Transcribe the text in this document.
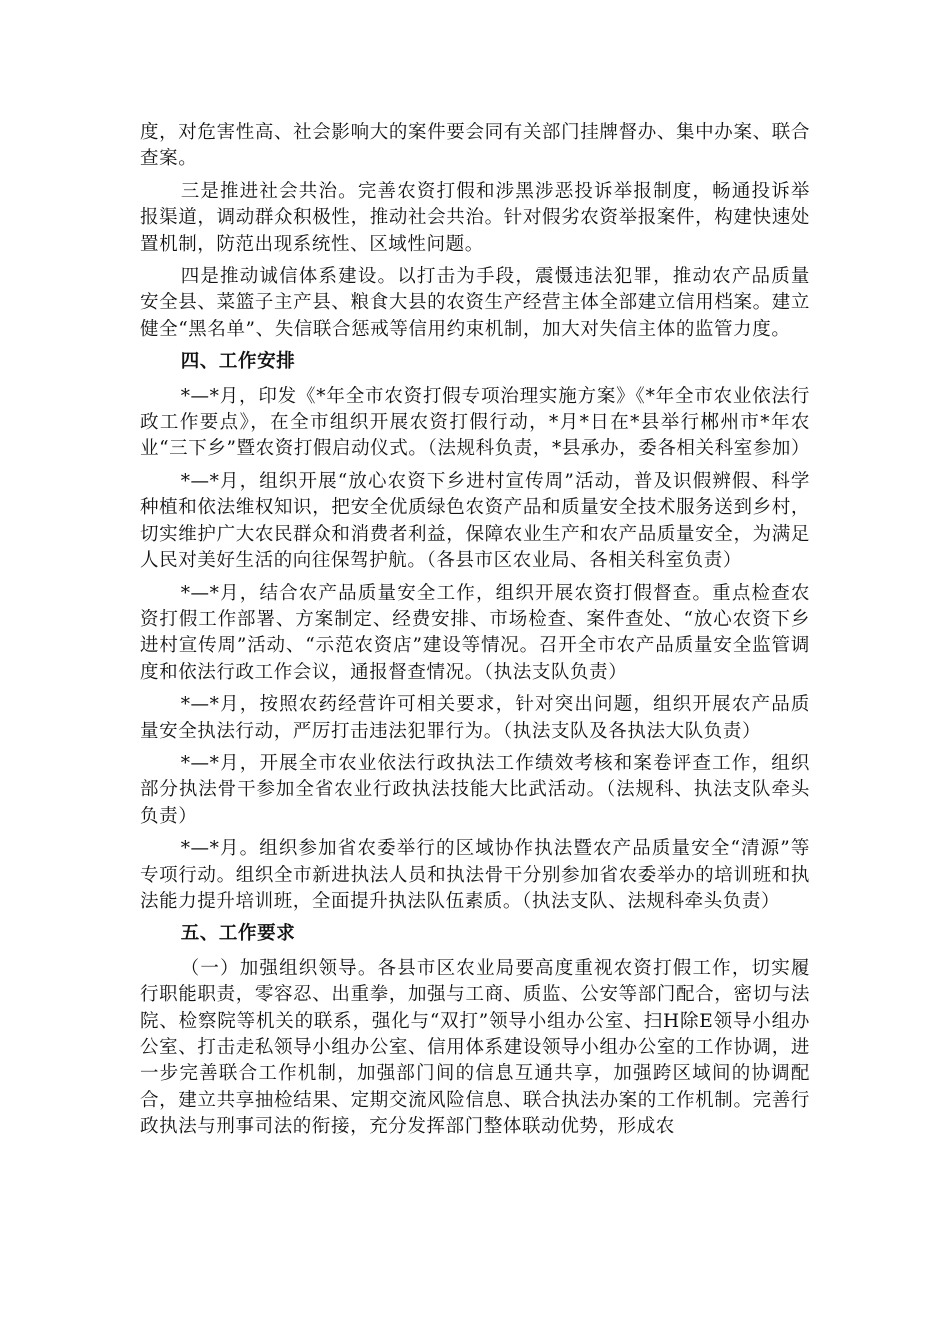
度，对危害性高、社会影响大的案件要会同有关部门挂牌督办、集中办案、联合查案。

三是推进社会共治。完善农资打假和涉黑涉恶投诉举报制度，畅通投诉举报渠道，调动群众积极性，推动社会共治。针对假劣农资举报案件，构建快速处置机制，防范出现系统性、区域性问题。

四是推动诚信体系建设。以打击为手段，震慑违法犯罪，推动农产品质量安全县、菜篮子主产县、粮食大县的农资生产经营主体全部建立信用档案。建立健全“黑名单”、失信联合惩戒等信用约束机制，加大对失信主体的监管力度。

四、工作安排

*—*月，印发《*年全市农资打假专项治理实施方案》《*年全市农业依法行政工作要点》，在全市组织开展农资打假行动，*月*日在*县举行郴州市*年农业“三下乡”暨农资打假启动仪式。（法规科负责，*县承办，委各相关科室参加）

*—*月，组织开展“放心农资下乡进村宣传周”活动，普及识假辨假、科学种植和依法维权知识，把安全优质绿色农资产品和质量安全技术服务送到乡村，切实维护广大农民群众和消费者利益，保障农业生产和农产品质量安全，为满足人民对美好生活的向往保驾护航。（各县市区农业局、各相关科室负责）

*—*月，结合农产品质量安全工作，组织开展农资打假督查。重点检查农资打假工作部署、方案制定、经费安排、市场检查、案件查处、“放心农资下乡进村宣传周”活动、“示范农资店”建设等情况。召开全市农产品质量安全监管调度和依法行政工作会议，通报督查情况。（执法支队负责）

*—*月，按照农药经营许可相关要求，针对突出问题，组织开展农产品质量安全执法行动，严厉打击违法犯罪行为。（执法支队及各执法大队负责）

*—*月，开展全市农业依法行政执法工作绩效考核和案卷评查工作，组织部分执法骨干参加全省农业行政执法技能大比武活动。（法规科、执法支队牵头负责）

*—*月。组织参加省农委举行的区域协作执法暨农产品质量安全“清源”等专项行动。组织全市新进执法人员和执法骨干分别参加省农委举办的培训班和执法能力提升培训班，全面提升执法队伍素质。（执法支队、法规科牵头负责）

五、工作要求

（一）加强组织领导。各县市区农业局要高度重视农资打假工作，切实履行职能职责，零容忍、出重拳，加强与工商、质监、公安等部门配合，密切与法院、检察院等机关的联系，强化与“双打”领导小组办公室、扫H除E领导小组办公室、打击走私领导小组办公室、信用体系建设领导小组办公室的工作协调，进一步完善联合工作机制，加强部门间的信息互通共享，加强跨区域间的协调配合，建立共享抽检结果、定期交流风险信息、联合执法办案的工作机制。完善行政执法与刑事司法的衔接，充分发挥部门整体联动优势，形成农
